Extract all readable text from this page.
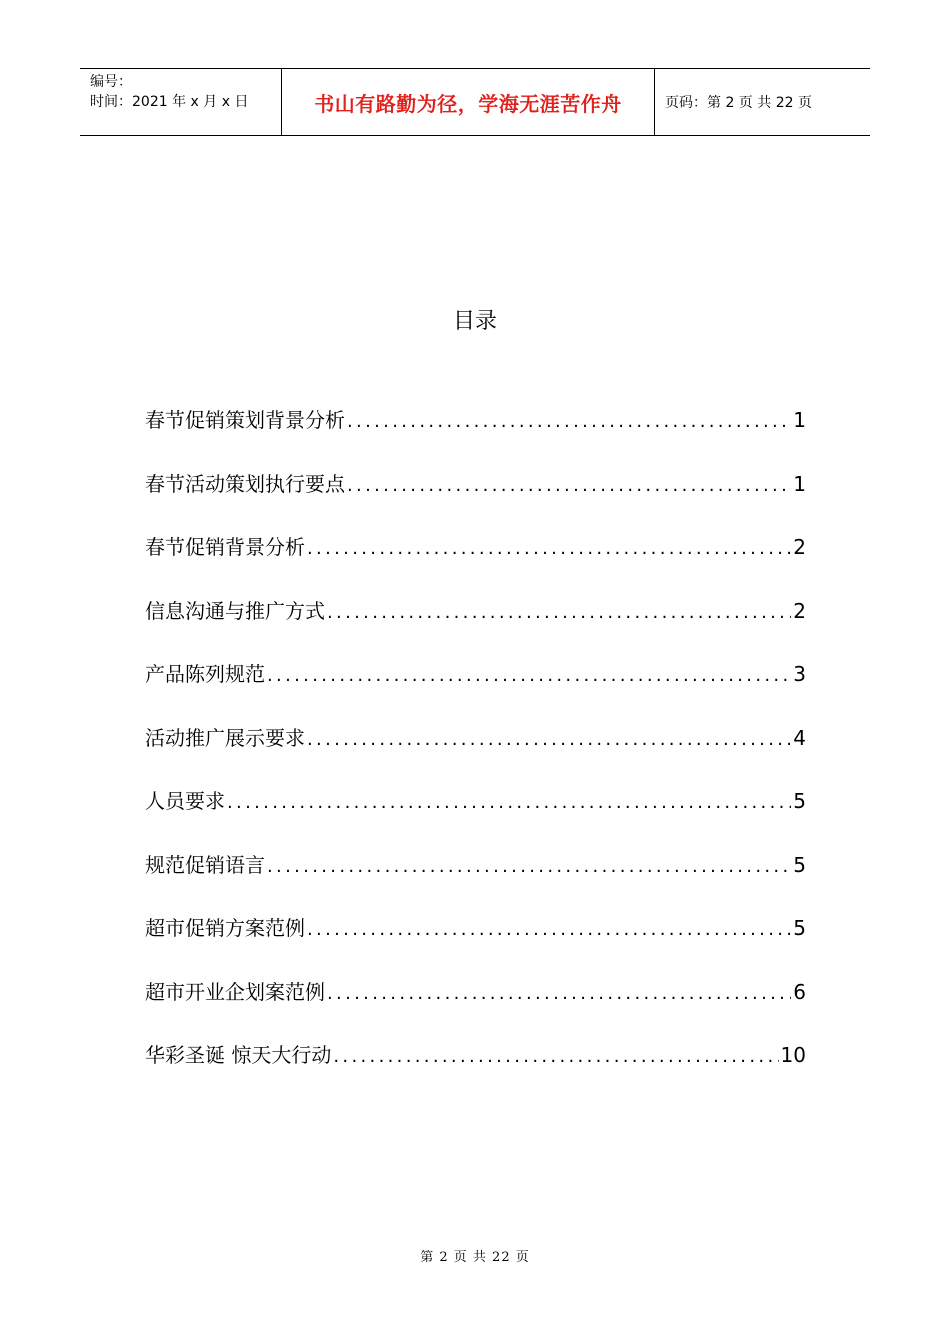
编号：
时间：2021 年 x 月 x 日	书山有路勤为径，学海无涯苦作舟	页码：第 2 页 共 22 页
目录
春节促销策划背景分析 . . .	1
春节活动策划执行要点 . . .	1
春节促销背景分析 . . .	2
信息沟通与推广方式 . . .	2
产品陈列规范 . . .	3
活动推广展示要求 . . .	4
人员要求 . . .	5
规范促销语言 . . .	5
超市促销方案范例 . . .	5
超市开业企划案范例 . . .	6
华彩圣诞 惊天大行动 . . .	10
第 2 页 共 22 页
